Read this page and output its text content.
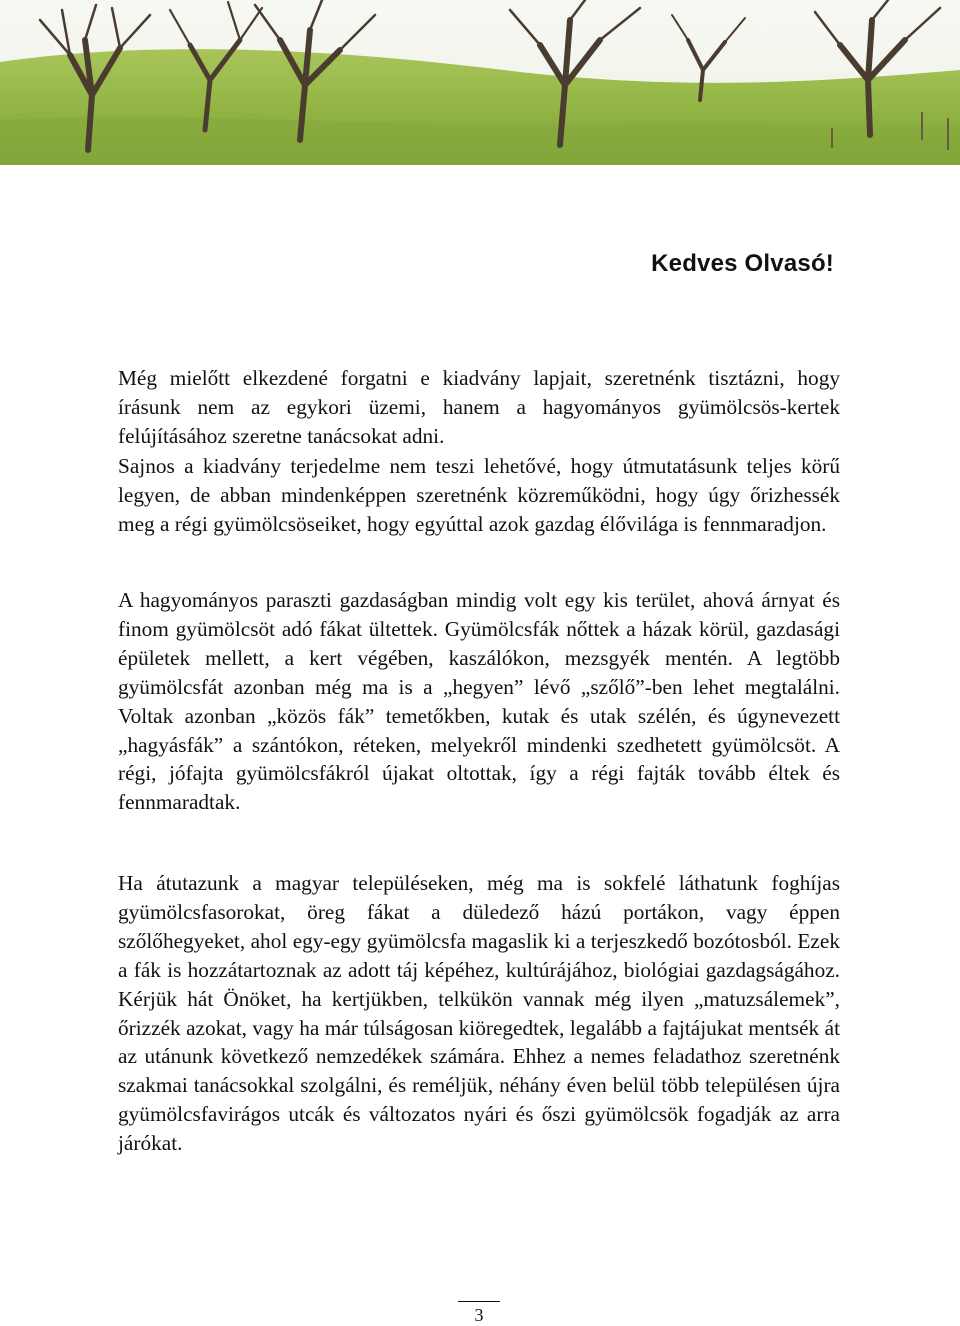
Kedves Olvasó!

Még mielőtt elkezdené forgatni e kiadvány lapjait, szeretnénk tisztázni, hogy írásunk nem az egykori üzemi, hanem a hagyományos gyümölcsös-kertek felújításához szeretne tanácsokat adni.

Sajnos a kiadvány terjedelme nem teszi lehetővé, hogy útmutatásunk teljes körű legyen, de abban mindenképpen szeretnénk közreműködni, hogy úgy őrizhessék meg a régi gyümölcsöseiket, hogy egyúttal azok gazdag élővilága is fennmaradjon.

A hagyományos paraszti gazdaságban mindig volt egy kis terület, ahová árnyat és finom gyümölcsöt adó fákat ültettek. Gyümölcsfák nőttek a házak körül, gazdasági épületek mellett, a kert végében, kaszálókon, mezsgyék mentén. A legtöbb gyümölcsfát azonban még ma is a „hegyen” lévő „szőlő”-ben lehet megtalálni. Voltak azonban „közös fák” temetőkben, kutak és utak szélén, és úgynevezett „hagyásfák” a szántókon, réteken, melyekről mindenki szedhetett gyümölcsöt. A régi, jófajta gyümölcsfákról újakat oltottak, így a régi fajták tovább éltek és fennmaradtak.

Ha átutazunk a magyar településeken, még ma is sokfelé láthatunk foghíjas gyümölcsfasorokat, öreg fákat a düledező házú portákon, vagy éppen szőlőhegyeket, ahol egy-egy gyümölcsfa magaslik ki a terjeszkedő bozótosból. Ezek a fák is hozzátartoznak az adott táj képéhez, kultúrájához, biológiai gazdagságához. Kérjük hát Önöket, ha kertjükben, telkükön vannak még ilyen „matuzsálemek”, őrizzék azokat, vagy ha már túlságosan kiöregedtek, legalább a fajtájukat mentsék át az utánunk következő nemzedékek számára. Ehhez a nemes feladathoz szeretnénk szakmai tanácsokkal szolgálni, és reméljük, néhány éven belül több településen újra gyümölcsfavirágos utcák és változatos nyári és őszi gyümölcsök fogadják az arra járókat.

3
